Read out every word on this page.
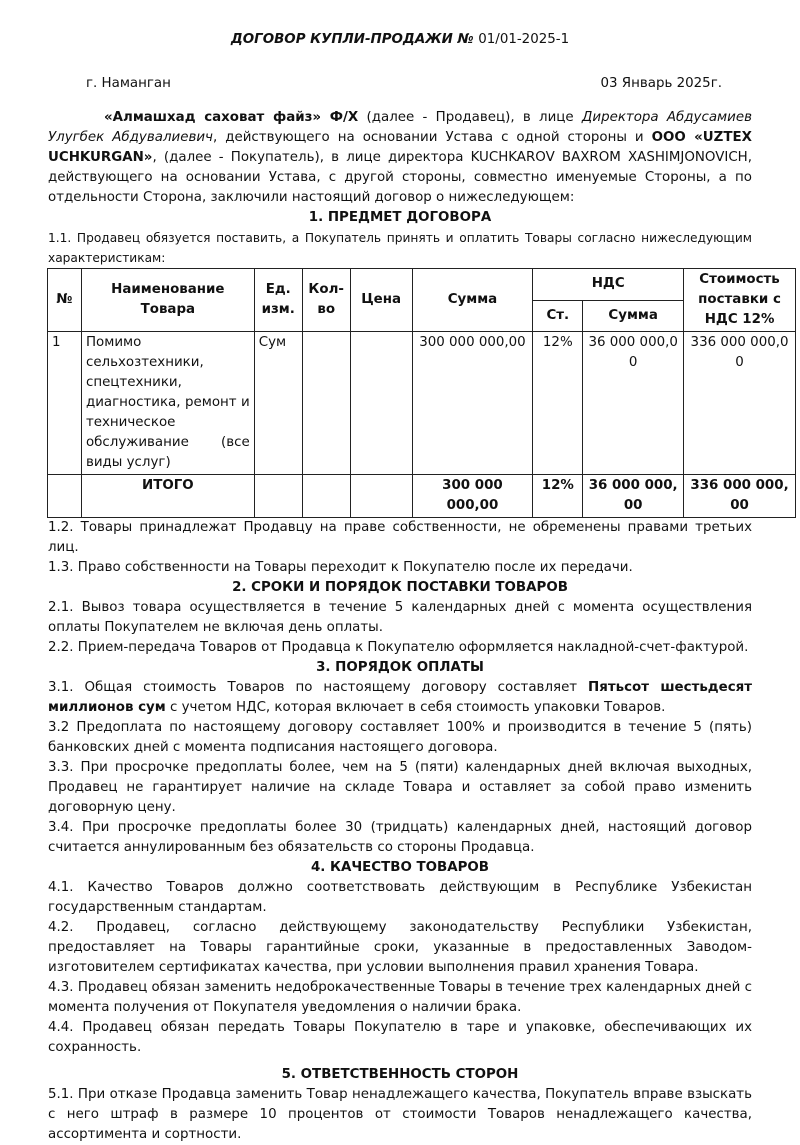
ДОГОВОР КУПЛИ-ПРОДАЖИ № 01/01-2025-1
г. Наманган	03 Январь 2025г.

«Алмашхад саховат файз» Ф/Х (далее - Продавец), в лице Директора Абдусамиев Улугбек Абдувалиевич, действующего на основании Устава с одной стороны и ООО «UZTEX UCHKURGAN», (далее - Покупатель), в лице директора KUCHKAROV BAXROM XASHIMJONOVICH, действующего на основании Устава, с другой стороны, совместно именуемые Стороны, а по отдельности Сторона, заключили настоящий договор о нижеследующем:

1. ПРЕДМЕТ ДОГОВОРА

1.1. Продавец обязуется поставить, а Покупатель принять и оплатить Товары согласно нижеследующим характеристикам:

№	Наименование Товара	Ед. изм.	Кол-во	Цена	Сумма	НДС		Стоимость поставки с НДС 12%
						Ст.	Сумма	
1	Помимо сельхозтехники, спецтехники, диагностика, ремонт и техническое обслуживание (все виды услуг)	Сум			300 000 000,00	12%	36 000 000,00	336 000 000,00
	ИТОГО				300 000 000,00	12%	36 000 000,00	336 000 000,00

1.2. Товары принадлежат Продавцу на праве собственности, не обременены правами третьих лиц.

1.3. Право собственности на Товары переходит к Покупателю после их передачи.

2. СРОКИ И ПОРЯДОК ПОСТАВКИ ТОВАРОВ

2.1. Вывоз товара осуществляется в течение 5 календарных дней с момента осуществления оплаты Покупателем не включая день оплаты.

2.2. Прием-передача Товаров от Продавца к Покупателю оформляется накладной-счет-фактурой.

3. ПОРЯДОК ОПЛАТЫ

3.1. Общая стоимость Товаров по настоящему договору составляет Пятьсот шестьдесят миллионов сум с учетом НДС, которая включает в себя стоимость упаковки Товаров.

3.2 Предоплата по настоящему договору составляет 100% и производится в течение 5 (пять) банковских дней с момента подписания настоящего договора.

3.3. При просрочке предоплаты более, чем на 5 (пяти) календарных дней включая выходных, Продавец не гарантирует наличие на складе Товара и оставляет за собой право изменить договорную цену.

3.4. При просрочке предоплаты более 30 (тридцать) календарных дней, настоящий договор считается аннулированным без обязательств со стороны Продавца.

4. КАЧЕСТВО ТОВАРОВ

4.1. Качество Товаров должно соответствовать действующим в Республике Узбекистан государственным стандартам.

4.2. Продавец, согласно действующему законодательству Республики Узбекистан, предоставляет на Товары гарантийные сроки, указанные в предоставленных Заводом-изготовителем сертификатах качества, при условии выполнения правил хранения Товара.

4.3. Продавец обязан заменить недоброкачественные Товары в течение трех календарных дней с момента получения от Покупателя уведомления о наличии брака.

4.4. Продавец обязан передать Товары Покупателю в таре и упаковке, обеспечивающих их сохранность.

5. ОТВЕТСТВЕННОСТЬ СТОРОН

5.1. При отказе Продавца заменить Товар ненадлежащего качества, Покупатель вправе взыскать с него штраф в размере 10 процентов от стоимости Товаров ненадлежащего качества, ассортимента и сортности.
